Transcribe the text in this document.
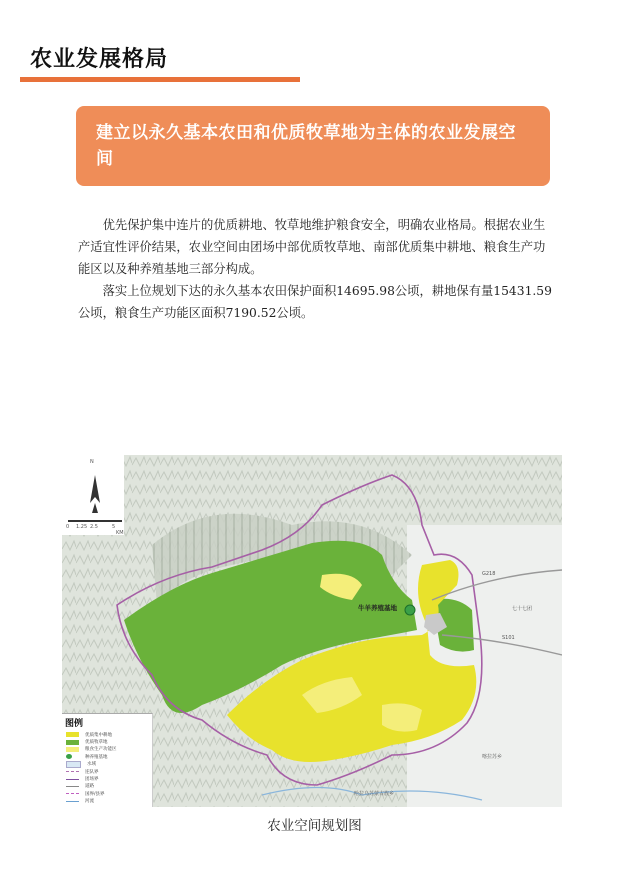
农业发展格局

建立以永久基本农田和优质牧草地为主体的农业发展空间

优先保护集中连片的优质耕地、牧草地维护粮食安全，明确农业格局。根据农业生产适宜性评价结果，农业空间由团场中部优质牧草地、南部优质集中耕地、粮食生产功能区以及种养殖基地三部分构成。

落实上位规划下达的永久基本农田保护面积14695.98公顷，耕地保有量15431.59公顷，粮食生产功能区面积7190.52公顷。

N
0 1.25 2.5	5
KM
牛羊养殖基地	七十七团
G218
S101
喀拉苏乡
哈拉乌苏蒙古族乡
图例
优质集中耕地
优质牧草地
粮食生产功能区
种养殖基地
水域
连队界
团场界
道路
国界/县界
河流
农业空间规划图
